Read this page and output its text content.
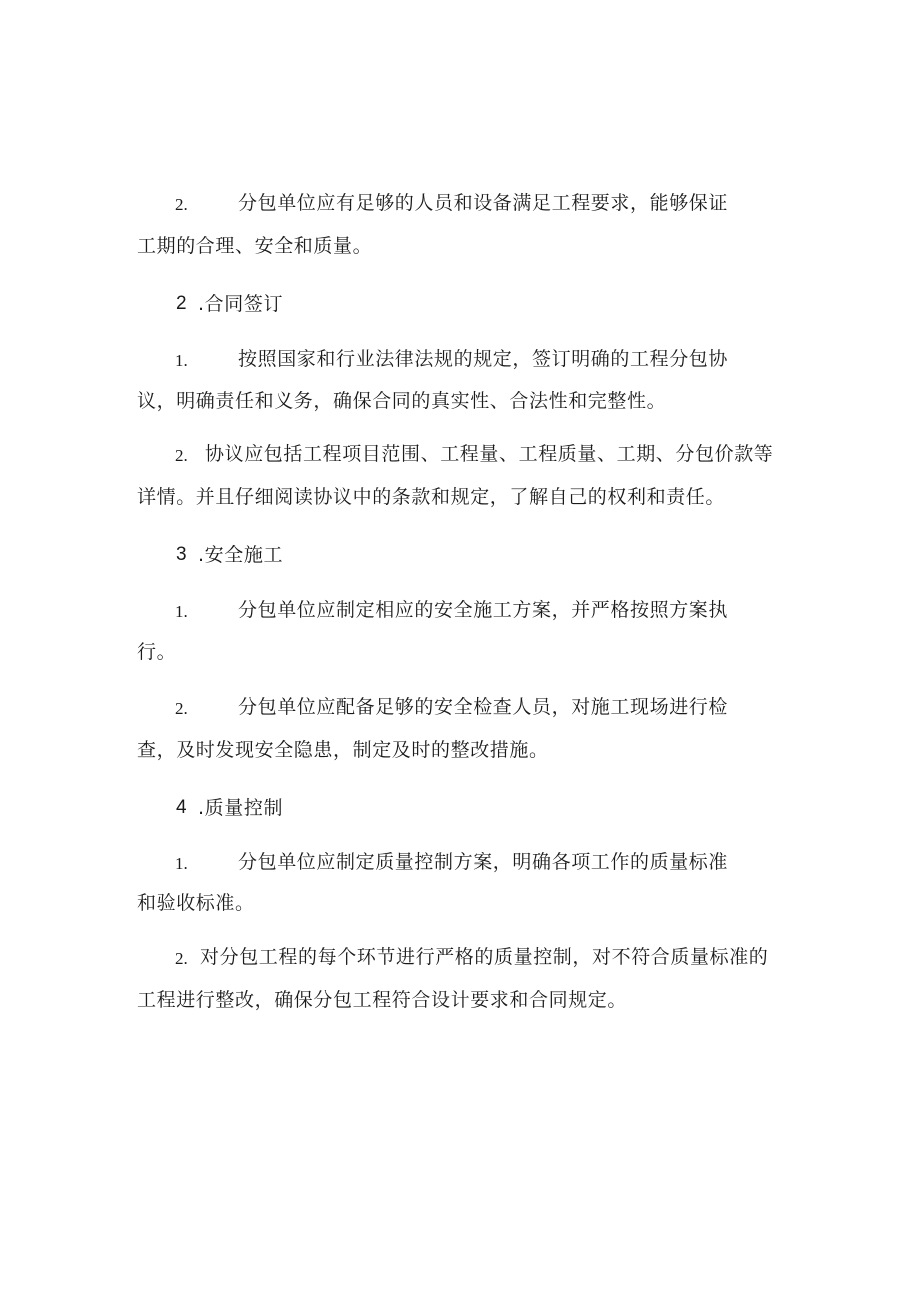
2.	分包单位应有足够的人员和设备满足工程要求，能够保证
工期的合理、安全和质量。
2 .合同签订
1.	按照国家和行业法律法规的规定，签订明确的工程分包协
议，明确责任和义务，确保合同的真实性、合法性和完整性。
2. 协议应包括工程项目范围、工程量、工程质量、工期、分包价款等
详情。并且仔细阅读协议中的条款和规定，了解自己的权利和责任。
3 .安全施工
1.	分包单位应制定相应的安全施工方案，并严格按照方案执
行。
2.	分包单位应配备足够的安全检查人员，对施工现场进行检
查，及时发现安全隐患，制定及时的整改措施。
4 .质量控制
1.	分包单位应制定质量控制方案，明确各项工作的质量标准
和验收标准。
2. 对分包工程的每个环节进行严格的质量控制，对不符合质量标准的
工程进行整改，确保分包工程符合设计要求和合同规定。
